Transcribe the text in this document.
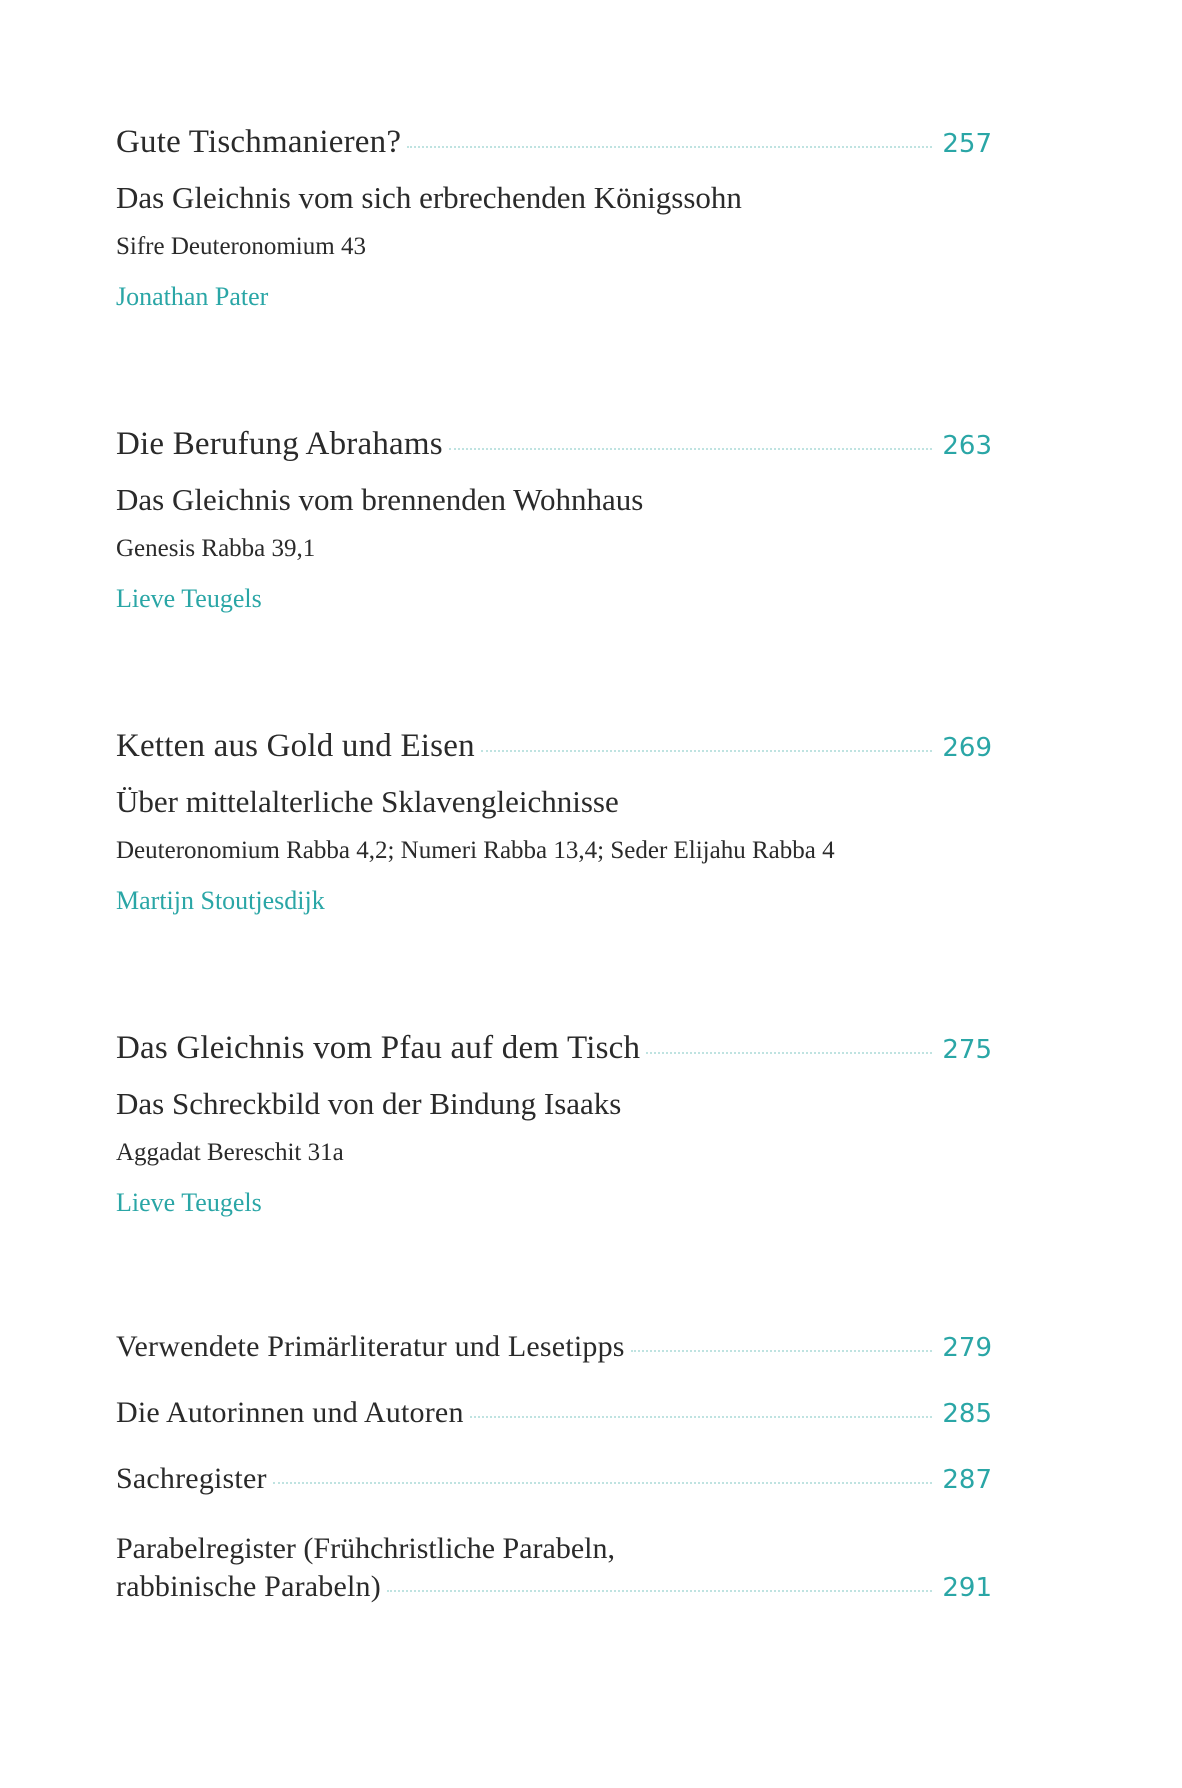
Gute Tischmanieren?	257
Das Gleichnis vom sich erbrechenden Königssohn
Sifre Deuteronomium 43
Jonathan Pater
Die Berufung Abrahams	263
Das Gleichnis vom brennenden Wohnhaus
Genesis Rabba 39,1
Lieve Teugels
Ketten aus Gold und Eisen	269
Über mittelalterliche Sklavengleichnisse
Deuteronomium Rabba 4,2; Numeri Rabba 13,4; Seder Elijahu Rabba 4
Martijn Stoutjesdijk
Das Gleichnis vom Pfau auf dem Tisch	275
Das Schreckbild von der Bindung Isaaks
Aggadat Bereschit 31a
Lieve Teugels
Verwendete Primärliteratur und Lesetipps	279
Die Autorinnen und Autoren	285
Sachregister	287
Parabelregister (Frühchristliche Parabeln,
rabbinische Parabeln)	291
